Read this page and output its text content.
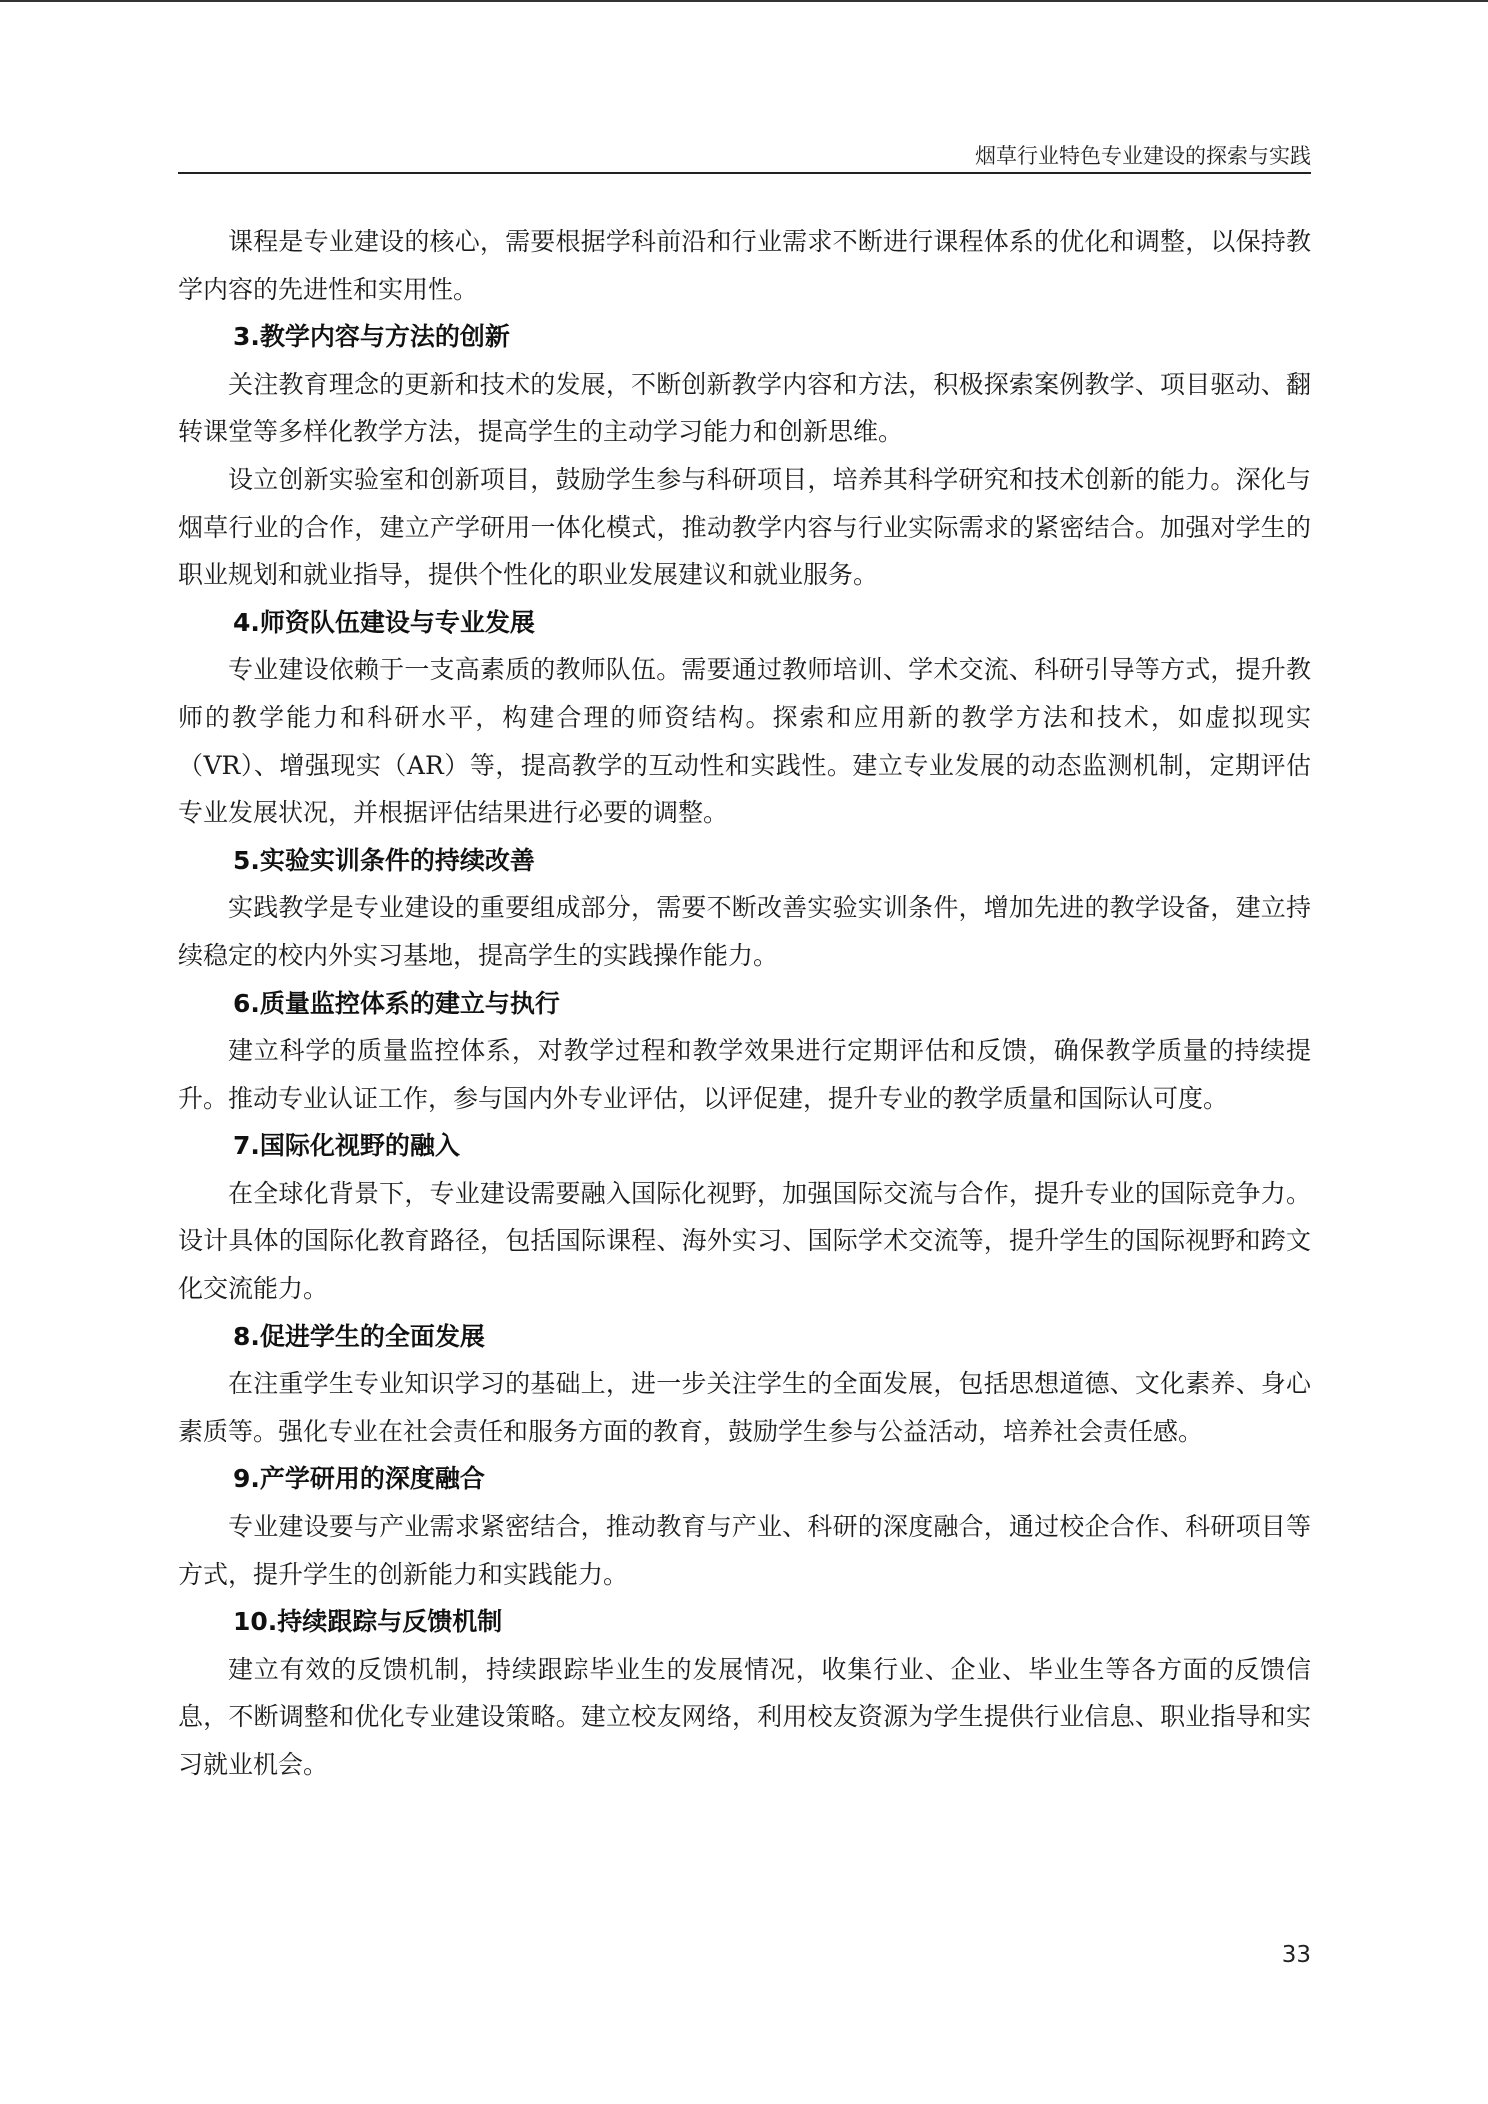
烟草行业特色专业建设的探索与实践

课程是专业建设的核心，需要根据学科前沿和行业需求不断进行课程体系的优化和调整，以保持教学内容的先进性和实用性。

3.教学内容与方法的创新

关注教育理念的更新和技术的发展，不断创新教学内容和方法，积极探索案例教学、项目驱动、翻转课堂等多样化教学方法，提高学生的主动学习能力和创新思维。

设立创新实验室和创新项目，鼓励学生参与科研项目，培养其科学研究和技术创新的能力。深化与烟草行业的合作，建立产学研用一体化模式，推动教学内容与行业实际需求的紧密结合。加强对学生的职业规划和就业指导，提供个性化的职业发展建议和就业服务。

4.师资队伍建设与专业发展

专业建设依赖于一支高素质的教师队伍。需要通过教师培训、学术交流、科研引导等方式，提升教师的教学能力和科研水平，构建合理的师资结构。探索和应用新的教学方法和技术，如虚拟现实（VR）、增强现实（AR）等，提高教学的互动性和实践性。建立专业发展的动态监测机制，定期评估专业发展状况，并根据评估结果进行必要的调整。

5.实验实训条件的持续改善

实践教学是专业建设的重要组成部分，需要不断改善实验实训条件，增加先进的教学设备，建立持续稳定的校内外实习基地，提高学生的实践操作能力。

6.质量监控体系的建立与执行

建立科学的质量监控体系，对教学过程和教学效果进行定期评估和反馈，确保教学质量的持续提升。推动专业认证工作，参与国内外专业评估，以评促建，提升专业的教学质量和国际认可度。

7.国际化视野的融入

在全球化背景下，专业建设需要融入国际化视野，加强国际交流与合作，提升专业的国际竞争力。设计具体的国际化教育路径，包括国际课程、海外实习、国际学术交流等，提升学生的国际视野和跨文化交流能力。

8.促进学生的全面发展

在注重学生专业知识学习的基础上，进一步关注学生的全面发展，包括思想道德、文化素养、身心素质等。强化专业在社会责任和服务方面的教育，鼓励学生参与公益活动，培养社会责任感。

9.产学研用的深度融合

专业建设要与产业需求紧密结合，推动教育与产业、科研的深度融合，通过校企合作、科研项目等方式，提升学生的创新能力和实践能力。

10.持续跟踪与反馈机制

建立有效的反馈机制，持续跟踪毕业生的发展情况，收集行业、企业、毕业生等各方面的反馈信息，不断调整和优化专业建设策略。建立校友网络，利用校友资源为学生提供行业信息、职业指导和实习就业机会。

33
